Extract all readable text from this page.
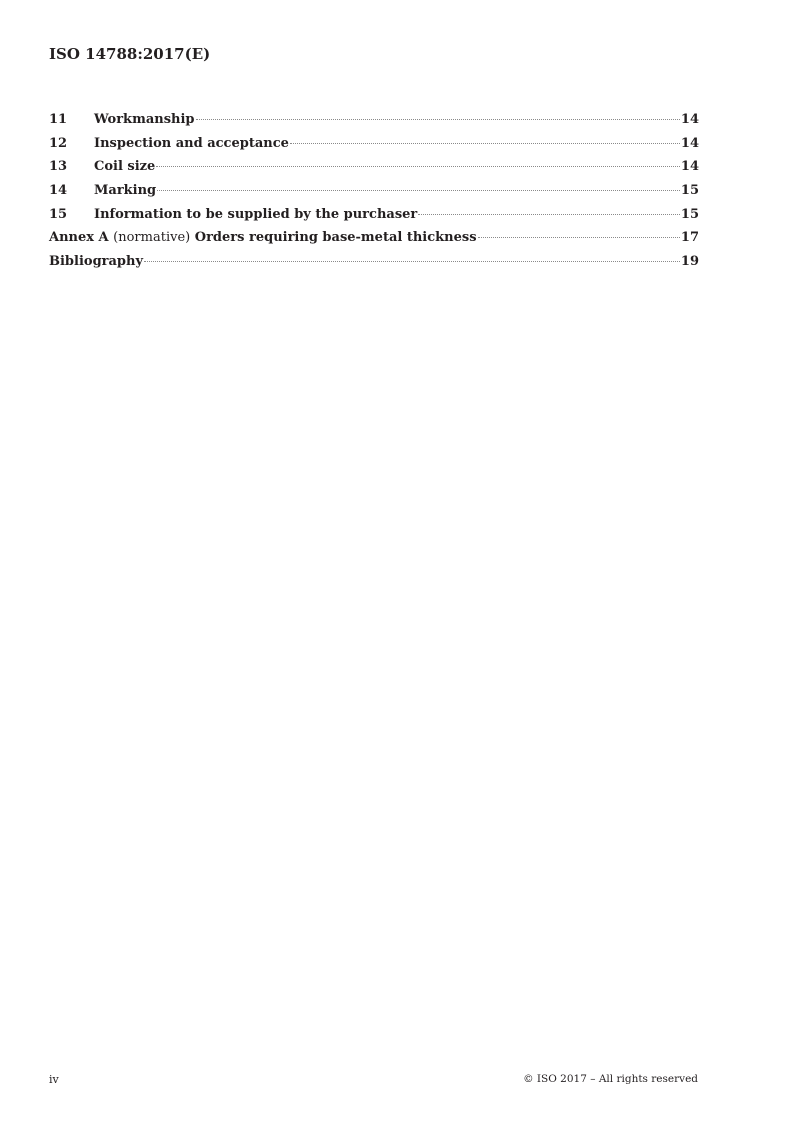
ISO 14788:2017(E)
11	Workmanship	14
12	Inspection and acceptance	14
13	Coil size	14
14	Marking	15
15	Information to be supplied by the purchaser	15
Annex A (normative) Orders requiring base-metal thickness	17
Bibliography	19
iv	© ISO 2017 – All rights reserved
